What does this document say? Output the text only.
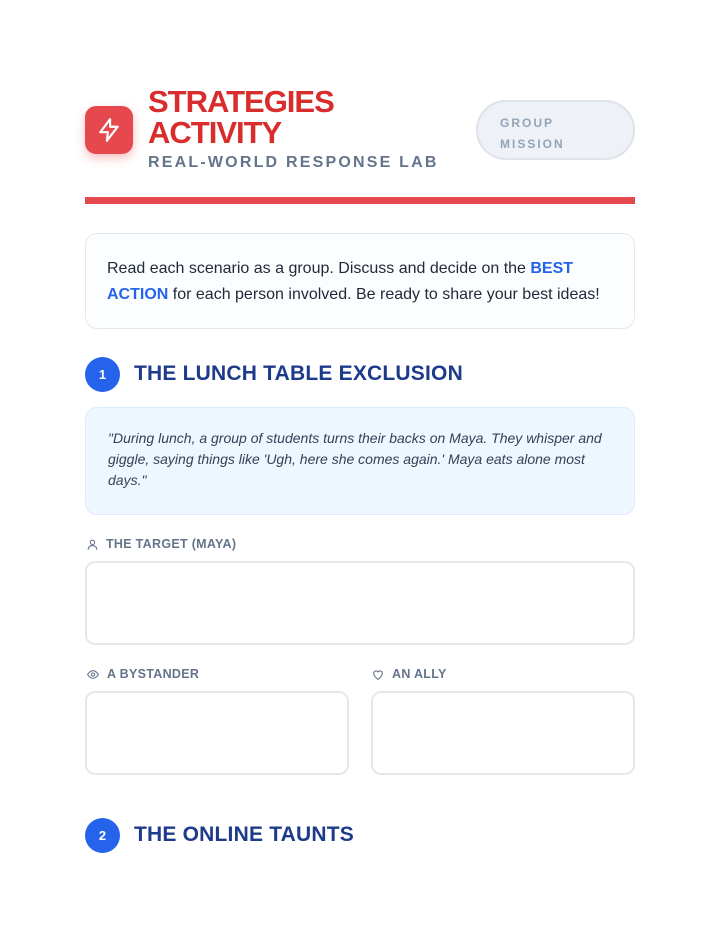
STRATEGIES
ACTIVITY
REAL-WORLD RESPONSE LAB
GROUP
MISSION
Read each scenario as a group. Discuss and decide on the BEST ACTION for each person involved. Be ready to share your best ideas!
1	THE LUNCH TABLE EXCLUSION
"During lunch, a group of students turns their backs on Maya. They whisper and giggle, saying things like 'Ugh, here she comes again.' Maya eats alone most days."
THE TARGET (MAYA)
A BYSTANDER	AN ALLY
2	THE ONLINE TAUNTS
